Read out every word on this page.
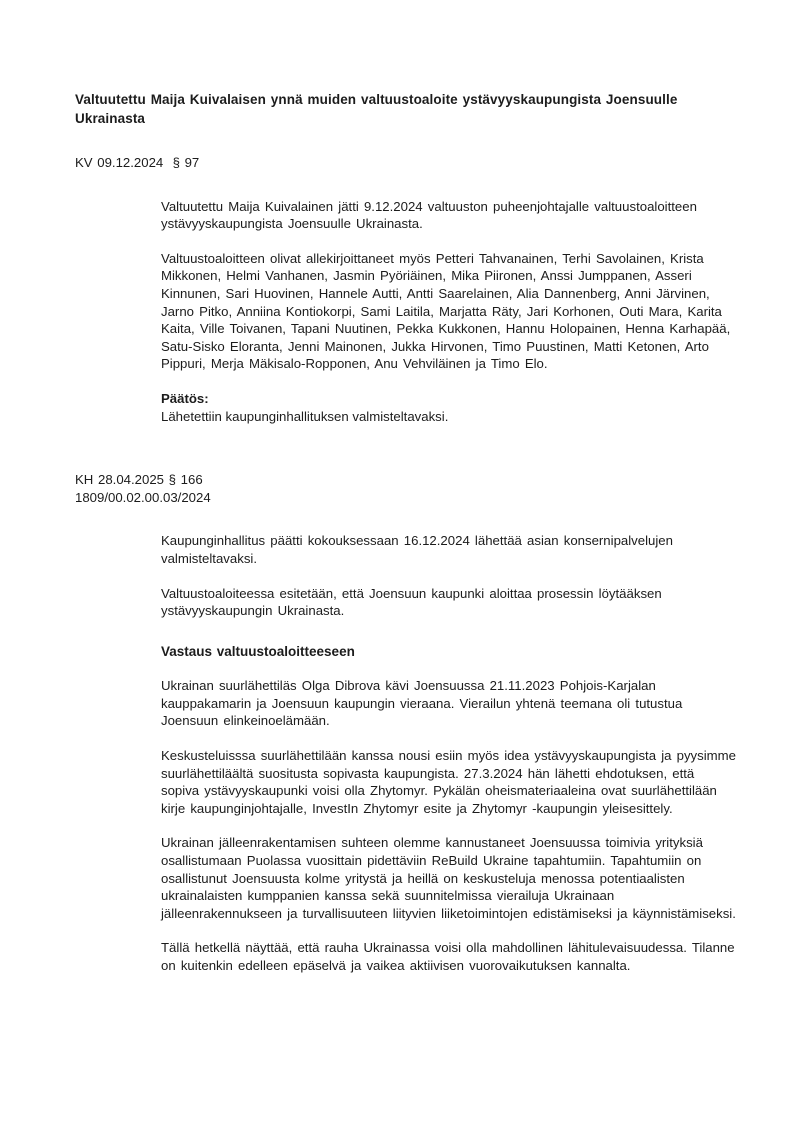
Valtuutettu Maija Kuivalaisen ynnä muiden valtuustoaloite ystävyyskaupungista Joensuulle Ukrainasta
KV 09.12.2024  § 97

Valtuutettu Maija Kuivalainen jätti 9.12.2024 valtuuston puheenjohtajalle valtuustoaloitteen ystävyyskaupungista Joensuulle Ukrainasta.

Valtuustoaloitteen olivat allekirjoittaneet myös Petteri Tahvanainen, Terhi Savolainen, Krista Mikkonen, Helmi Vanhanen, Jasmin Pyöriäinen, Mika Piironen, Anssi Jumppanen, Asseri Kinnunen, Sari Huovinen, Hannele Autti, Antti Saarelainen, Alia Dannenberg, Anni Järvinen, Jarno Pitko, Anniina Kontiokorpi, Sami Laitila, Marjatta Räty, Jari Korhonen, Outi Mara, Karita Kaita, Ville Toivanen, Tapani Nuutinen, Pekka Kukkonen, Hannu Holopainen, Henna Karhapää, Satu-Sisko Eloranta, Jenni Mainonen, Jukka Hirvonen, Timo Puustinen, Matti Ketonen, Arto Pippuri, Merja Mäkisalo-Ropponen, Anu Vehviläinen ja Timo Elo.

Päätös:
Lähetettiin kaupunginhallituksen valmisteltavaksi.
KH 28.04.2025 § 166
1809/00.02.00.03/2024

Kaupunginhallitus päätti kokouksessaan 16.12.2024 lähettää asian konsernipalvelujen valmisteltavaksi.

Valtuustoaloiteessa esitetään, että Joensuun kaupunki aloittaa prosessin löytääksen ystävyyskaupungin Ukrainasta.

Vastaus valtuustoaloitteeseen

Ukrainan suurlähettiläs Olga Dibrova kävi Joensuussa 21.11.2023 Pohjois-Karjalan kauppakamarin ja Joensuun kaupungin vieraana. Vierailun yhtenä teemana oli tutustua Joensuun elinkeinoelämään.

Keskusteluisssa suurlähettilään kanssa nousi esiin myös idea ystävyyskaupungista ja pyysimme suurlähettiläältä suositusta sopivasta kaupungista. 27.3.2024 hän lähetti ehdotuksen, että sopiva ystävyyskaupunki voisi olla Zhytomyr. Pykälän oheismateriaaleina ovat suurlähettilään kirje kaupunginjohtajalle, InvestIn Zhytomyr esite ja Zhytomyr -kaupungin yleisesittely.

Ukrainan jälleenrakentamisen suhteen olemme kannustaneet Joensuussa toimivia yrityksiä osallistumaan Puolassa vuosittain pidettäviin ReBuild Ukraine tapahtumiin. Tapahtumiin on osallistunut Joensuusta kolme yritystä ja heillä on keskusteluja menossa potentiaalisten ukrainalaisten kumppanien kanssa sekä suunnitelmissa vierailuja Ukrainaan jälleenrakennukseen ja turvallisuuteen liityvien liiketoimintojen edistämiseksi ja käynnistämiseksi.

Tällä hetkellä näyttää, että rauha Ukrainassa voisi olla mahdollinen lähitulevaisuudessa. Tilanne on kuitenkin edelleen epäselvä ja vaikea aktiivisen vuorovaikutuksen kannalta.
